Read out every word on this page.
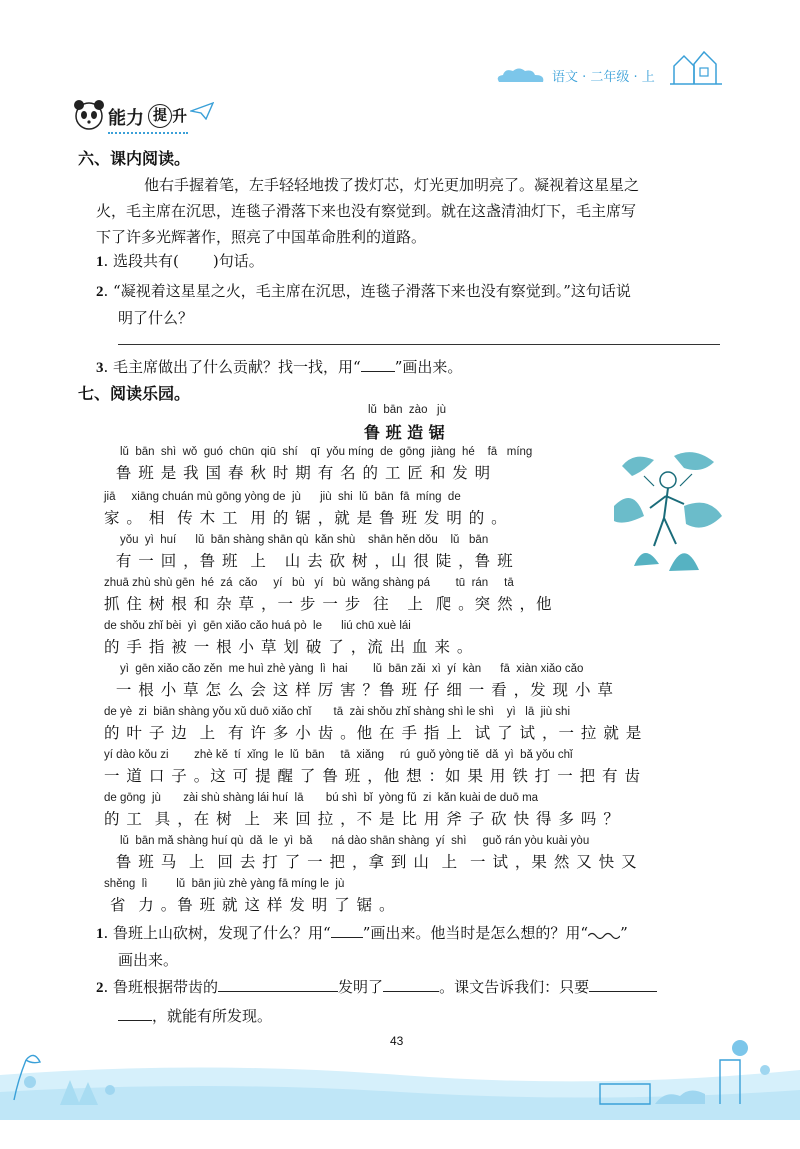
语文 · 二年级 · 上
能力 提 升
六、课内阅读。
他右手握着笔，左手轻轻地拨了拨灯芯，灯光更加明亮了。凝视着这星星之
火，毛主席在沉思，连毯子滑落下来也没有察觉到。就在这盏清油灯下，毛主席写
下了许多光辉著作，照亮了中国革命胜利的道路。
1. 选段共有( )句话。
2. “凝视着这星星之火，毛主席在沉思，连毯子滑落下来也没有察觉到。”这句话说
明了什么？
3. 毛主席做出了什么贡献？找一找，用“ ”画出来。
七、阅读乐园。
lǔ  bān  zào   jù
鲁 班 造 锯
lǔ  bān  shì  wǒ  guó  chūn  qiū  shí    qī  yǒu míng  de  gōng  jiàng  hé    fā   míng
鲁 班 是 我 国 春 秋 时 期 有 名 的 工 匠 和 发 明
jiā     xiāng chuán mù gōng yòng de  jù      jiù  shi  lǔ  bān  fā  míng  de
家 。 相  传 木 工  用 的 锯 ，就 是 鲁 班 发 明 的 。
yǒu  yì  huí      lǔ  bān shàng shān qù  kǎn shù    shān hěn dǒu    lǔ   bān
有 一 回 ，鲁 班  上   山 去 砍 树 ，山 很 陡 ，鲁 班
zhuā zhù shù gēn  hé  zá  cǎo     yí   bù   yí   bù  wǎng shàng pá        tū  rán     tā
抓 住 树 根 和 杂 草 ，一 步 一 步  往   上  爬 。突 然 ，他
de shǒu zhǐ bèi  yì  gēn xiǎo cǎo huá pò  le      liú chū xuè lái
的 手 指 被 一 根 小 草 划 破 了 ，流 出 血 来 。
yì  gēn xiǎo cǎo zěn  me huì zhè yàng  lì  hai        lǔ  bān zǎi  xì  yí  kàn      fā  xiàn xiǎo cǎo
一 根 小 草 怎 么 会 这 样 厉 害 ？鲁 班 仔 细 一 看 ，发 现 小 草
de yè  zi  biān shàng yǒu xǔ duō xiǎo chǐ       tā  zài shǒu zhǐ shàng shì le shì    yì   lā  jiù shi
的 叶 子 边  上  有 许 多 小 齿 。他 在 手 指 上  试 了 试 ，一 拉 就 是
yí dào kǒu zi        zhè kě  tí  xǐng  le  lǔ  bān     tā  xiǎng     rú  guǒ yòng tiě  dǎ  yì  bǎ yǒu chǐ
一 道 口 子 。这 可 提 醒 了 鲁 班 ，他 想 ：如 果 用 铁 打 一 把 有 齿
de gōng  jù       zài shù shàng lái huí  lā       bú shì  bǐ  yòng fǔ  zi  kǎn kuài de duō ma
的 工  具 ，在 树  上  来 回 拉 ，不 是 比 用 斧 子 砍 快 得 多 吗 ？
lǔ  bān mǎ shàng huí qù  dǎ  le  yì  bǎ      ná dào shān shàng  yí  shì     guǒ rán yòu kuài yòu
鲁 班 马  上  回 去 打 了 一 把 ，拿 到 山  上  一 试 ，果 然 又 快 又
shěng  lì         lǔ  bān jiù zhè yàng fā míng le  jù
省  力 。鲁 班 就 这 样 发 明 了 锯 。
1. 鲁班上山砍树，发现了什么？用“ ”画出来。他当时是怎么想的？用“ ”
画出来。
2. 鲁班根据带齿的	发明了	。课文告诉我们：只要
，就能有所发现。
43
